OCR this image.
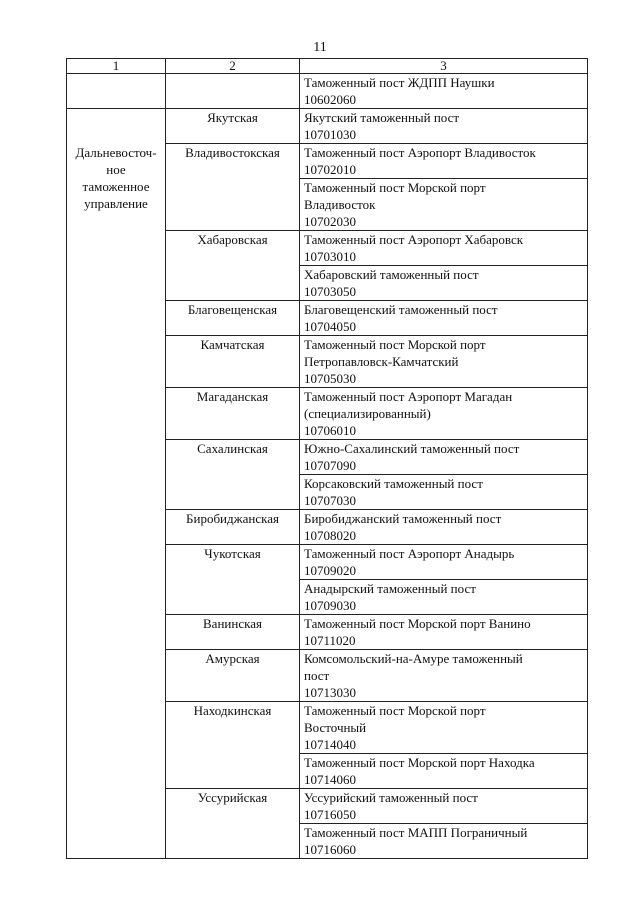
11
1	2	3

		Таможенный пост ЖДПП Наушки
10602060

Дальневосточ-
ное
таможенное
управление	Якутская	Якутский таможенный пост
10701030

	Владивостокская	Таможенный пост Аэропорт Владивосток
10702010

		Таможенный пост Морской порт
Владивосток
10702030

	Хабаровская	Таможенный пост Аэропорт Хабаровск
10703010

		Хабаровский таможенный пост
10703050

	Благовещенская	Благовещенский таможенный пост
10704050

	Камчатская	Таможенный пост Морской порт
Петропавловск-Камчатский
10705030

	Магаданская	Таможенный пост Аэропорт Магадан
(специализированный)
10706010

	Сахалинская	Южно-Сахалинский таможенный пост
10707090

		Корсаковский таможенный пост
10707030

	Биробиджанская	Биробиджанский таможенный пост
10708020

	Чукотская	Таможенный пост Аэропорт Анадырь
10709020

		Анадырский таможенный пост
10709030

	Ванинская	Таможенный пост Морской порт Ванино
10711020

	Амурская	Комсомольский-на-Амуре таможенный
пост
10713030

	Находкинская	Таможенный пост Морской порт
Восточный
10714040

		Таможенный пост Морской порт Находка
10714060

	Уссурийская	Уссурийский таможенный пост
10716050

		Таможенный пост МАПП Пограничный
10716060
